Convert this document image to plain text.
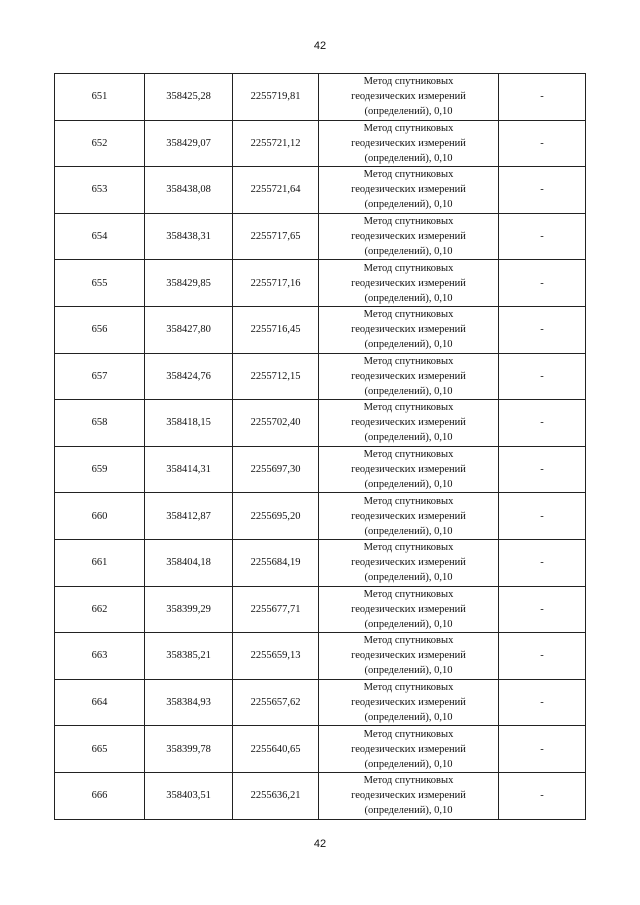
42
651	358425,28	2255719,81	Метод спутниковых
геодезических измерений
(определений), 0,10	-
652	358429,07	2255721,12	Метод спутниковых
геодезических измерений
(определений), 0,10	-
653	358438,08	2255721,64	Метод спутниковых
геодезических измерений
(определений), 0,10	-
654	358438,31	2255717,65	Метод спутниковых
геодезических измерений
(определений), 0,10	-
655	358429,85	2255717,16	Метод спутниковых
геодезических измерений
(определений), 0,10	-
656	358427,80	2255716,45	Метод спутниковых
геодезических измерений
(определений), 0,10	-
657	358424,76	2255712,15	Метод спутниковых
геодезических измерений
(определений), 0,10	-
658	358418,15	2255702,40	Метод спутниковых
геодезических измерений
(определений), 0,10	-
659	358414,31	2255697,30	Метод спутниковых
геодезических измерений
(определений), 0,10	-
660	358412,87	2255695,20	Метод спутниковых
геодезических измерений
(определений), 0,10	-
661	358404,18	2255684,19	Метод спутниковых
геодезических измерений
(определений), 0,10	-
662	358399,29	2255677,71	Метод спутниковых
геодезических измерений
(определений), 0,10	-
663	358385,21	2255659,13	Метод спутниковых
геодезических измерений
(определений), 0,10	-
664	358384,93	2255657,62	Метод спутниковых
геодезических измерений
(определений), 0,10	-
665	358399,78	2255640,65	Метод спутниковых
геодезических измерений
(определений), 0,10	-
666	358403,51	2255636,21	Метод спутниковых
геодезических измерений
(определений), 0,10	-
42
